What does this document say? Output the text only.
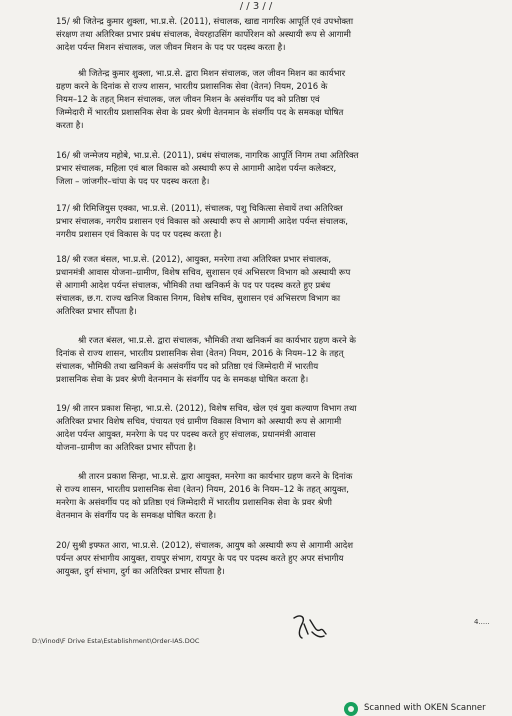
/ / 3 / /
15/ श्री जितेन्द्र कुमार शुक्ला, भा.प्र.से. (2011), संचालक, खाद्य नागरिक आपूर्ति एवं उपभोक्ता
संरक्षण तथा अतिरिक्त प्रभार प्रबंध संचालक, वेयरहाउसिंग कार्पोरेशन को अस्थायी रूप से आगामी
आदेश पर्यन्त मिशन संचालक, जल जीवन मिशन के पद पर पदस्थ करता है।
श्री जितेन्द्र कुमार शुक्ला, भा.प्र.से. द्वारा मिशन संचालक, जल जीवन मिशन का कार्यभार
ग्रहण करने के दिनांक से राज्य शासन, भारतीय प्रशासनिक सेवा (वेतन) नियम, 2016 के
नियम–12 के तहत् मिशन संचालक, जल जीवन मिशन के असंवर्गीय पद को प्रतिष्ठा एवं
जिम्मेदारी में भारतीय प्रशासनिक सेवा के प्रवर श्रेणी वेतनमान के संवर्गीय पद के समकक्ष घोषित
करता है।
16/ श्री जन्मेजय महोबे, भा.प्र.से. (2011), प्रबंध संचालक, नागरिक आपूर्ति निगम तथा अतिरिक्त
प्रभार संचालक, महिला एवं बाल विकास को अस्थायी रूप से आगामी आदेश पर्यन्त कलेक्टर,
जिला – जांजगीर–चांपा के पद पर पदस्थ करता है।
17/ श्री रिमिजियुस एक्का, भा.प्र.से. (2011), संचालक, पशु चिकित्सा सेवायें तथा अतिरिक्त
प्रभार संचालक, नगरीय प्रशासन एवं विकास को अस्थायी रूप से आगामी आदेश पर्यन्त संचालक,
नगरीय प्रशासन एवं विकास के पद पर पदस्थ करता है।
18/ श्री रजत बंसल, भा.प्र.से. (2012), आयुक्त, मनरेगा तथा अतिरिक्त प्रभार संचालक,
प्रधानमंत्री आवास योजना–ग्रामीण, विशेष सचिव, सुशासन एवं अभिसरण विभाग को अस्थायी रूप
से आगामी आदेश पर्यन्त संचालक, भौमिकी तथा खनिकर्म के पद पर पदस्थ करते हुए प्रबंध
संचालक, छ.ग. राज्य खनिज विकास निगम, विशेष सचिव, सुशासन एवं अभिसरण विभाग का
अतिरिक्त प्रभार सौंपता है।
श्री रजत बंसल, भा.प्र.से. द्वारा संचालक, भौमिकी तथा खनिकर्म का कार्यभार ग्रहण करने के
दिनांक से राज्य शासन, भारतीय प्रशासनिक सेवा (वेतन) नियम, 2016 के नियम–12 के तहत्
संचालक, भौमिकी तथा खनिकर्म के असंवर्गीय पद को प्रतिष्ठा एवं जिम्मेदारी में भारतीय
प्रशासनिक सेवा के प्रवर श्रेणी वेतनमान के संवर्गीय पद के समकक्ष घोषित करता है।
19/ श्री तारन प्रकाश सिन्हा, भा.प्र.से. (2012), विशेष सचिव, खेल एवं युवा कल्याण विभाग तथा
अतिरिक्त प्रभार विशेष सचिव, पंचायत एवं ग्रामीण विकास विभाग को अस्थायी रूप से आगामी
आदेश पर्यन्त आयुक्त, मनरेगा के पद पर पदस्थ करते हुए संचालक, प्रधानमंत्री आवास
योजना–ग्रामीण का अतिरिक्त प्रभार सौंपता है।
श्री तारन प्रकाश सिन्हा, भा.प्र.से. द्वारा आयुक्त, मनरेगा का कार्यभार ग्रहण करने के दिनांक
से राज्य शासन, भारतीय प्रशासनिक सेवा (वेतन) नियम, 2016 के नियम–12 के तहत् आयुक्त,
मनरेगा के असंवर्गीय पद को प्रतिष्ठा एवं जिम्मेदारी में भारतीय प्रशासनिक सेवा के प्रवर श्रेणी
वेतनमान के संवर्गीय पद के समकक्ष घोषित करता है।
20/ सुश्री इफ्फत आरा, भा.प्र.से. (2012), संचालक, आयुष को अस्थायी रूप से आगामी आदेश
पर्यन्त अपर संभागीय आयुक्त, रायपुर संभाग, रायपुर के पद पर पदस्थ करते हुए अपर संभागीय
आयुक्त, दुर्ग संभाग, दुर्ग का अतिरिक्त प्रभार सौंपता है।
4.....
D:\Vinod\F Drive Esta\Establishment\Order-IAS.DOC
Scanned with OKEN Scanner
